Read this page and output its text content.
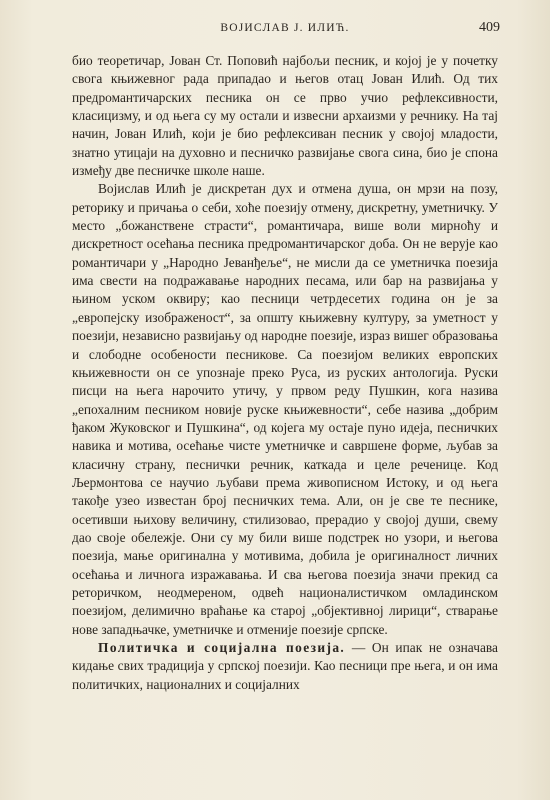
ВОЈИСЛАВ Ј. ИЛИЋ.	409

био теоретичар, Јован Ст. Поповић најбољи песник, и којој је у почетку свога књижевног рада припадао и његов отац Јован Илић. Од тих предромантичарских песника он се прво учио рефлексивности, класицизму, и од њега су му остали и извесни архаизми у речнику. На тај начин, Јован Илић, који је био рефлексиван песник у својој младости, знатно утицаји на духовно и песничко развијање свога сина, био је спона између две песничке школе наше.

Војислав Илић је дискретан дух и отмена душа, он мрзи на позу, реторику и причања о себи, хоће поезију отмену, дискретну, уметничку. У место „божанствене страсти“, романтичара, више воли мирноћу и дискретност осећања песника предромантичарског доба. Он не верује као романтичари у „Народно Јеванђеље“, не мисли да се уметничка поезија има свести на подражавање народних песама, или бар на развијања у њином уском оквиру; као песници четрдесетих година он је за „европејску изображеност“, за општу књижевну културу, за уметност у поезији, независно развијању од народне поезије, израз вишег образовања и слободне особености песникове. Са поезијом великих европских књижевности он се упознаје преко Руса, из руских антологија. Руски писци на њега нарочито утичу, у првом реду Пушкин, кога назива „епохалним песником новије руске књижевности“, себе назива „добрим ђаком Жуковског и Пушкина“, од којега му остаје пуно идеја, песничких навика и мотива, осећање чисте уметничке и савршене форме, љубав за класичну страну, песнички речник, каткада и целе реченице. Код Љермонтова се научио љубави према живописном Истоку, и од њега такође узео известан број песничких тема. Али, он је све те песнике, осетивши њихову величину, стилизовао, прерадио у својој души, свему дао своје обележје. Они су му били више подстрек но узори, и његова поезија, мање оригинална у мотивима, добила је оригиналност личних осећања и личнога изражавања. И сва његова поезија значи прекид са реторичком, неодмереном, одвећ националистичком омладинском поезијом, делимично враћање ка старој „објективној лирици“, стварање нове западњачке, уметничке и отменије поезије српске.

Политичка и социјална поезија. — Он ипак не означава кидање свих традиција у српској поезији. Као песници пре њега, и он има политичких, националних и социјалних
